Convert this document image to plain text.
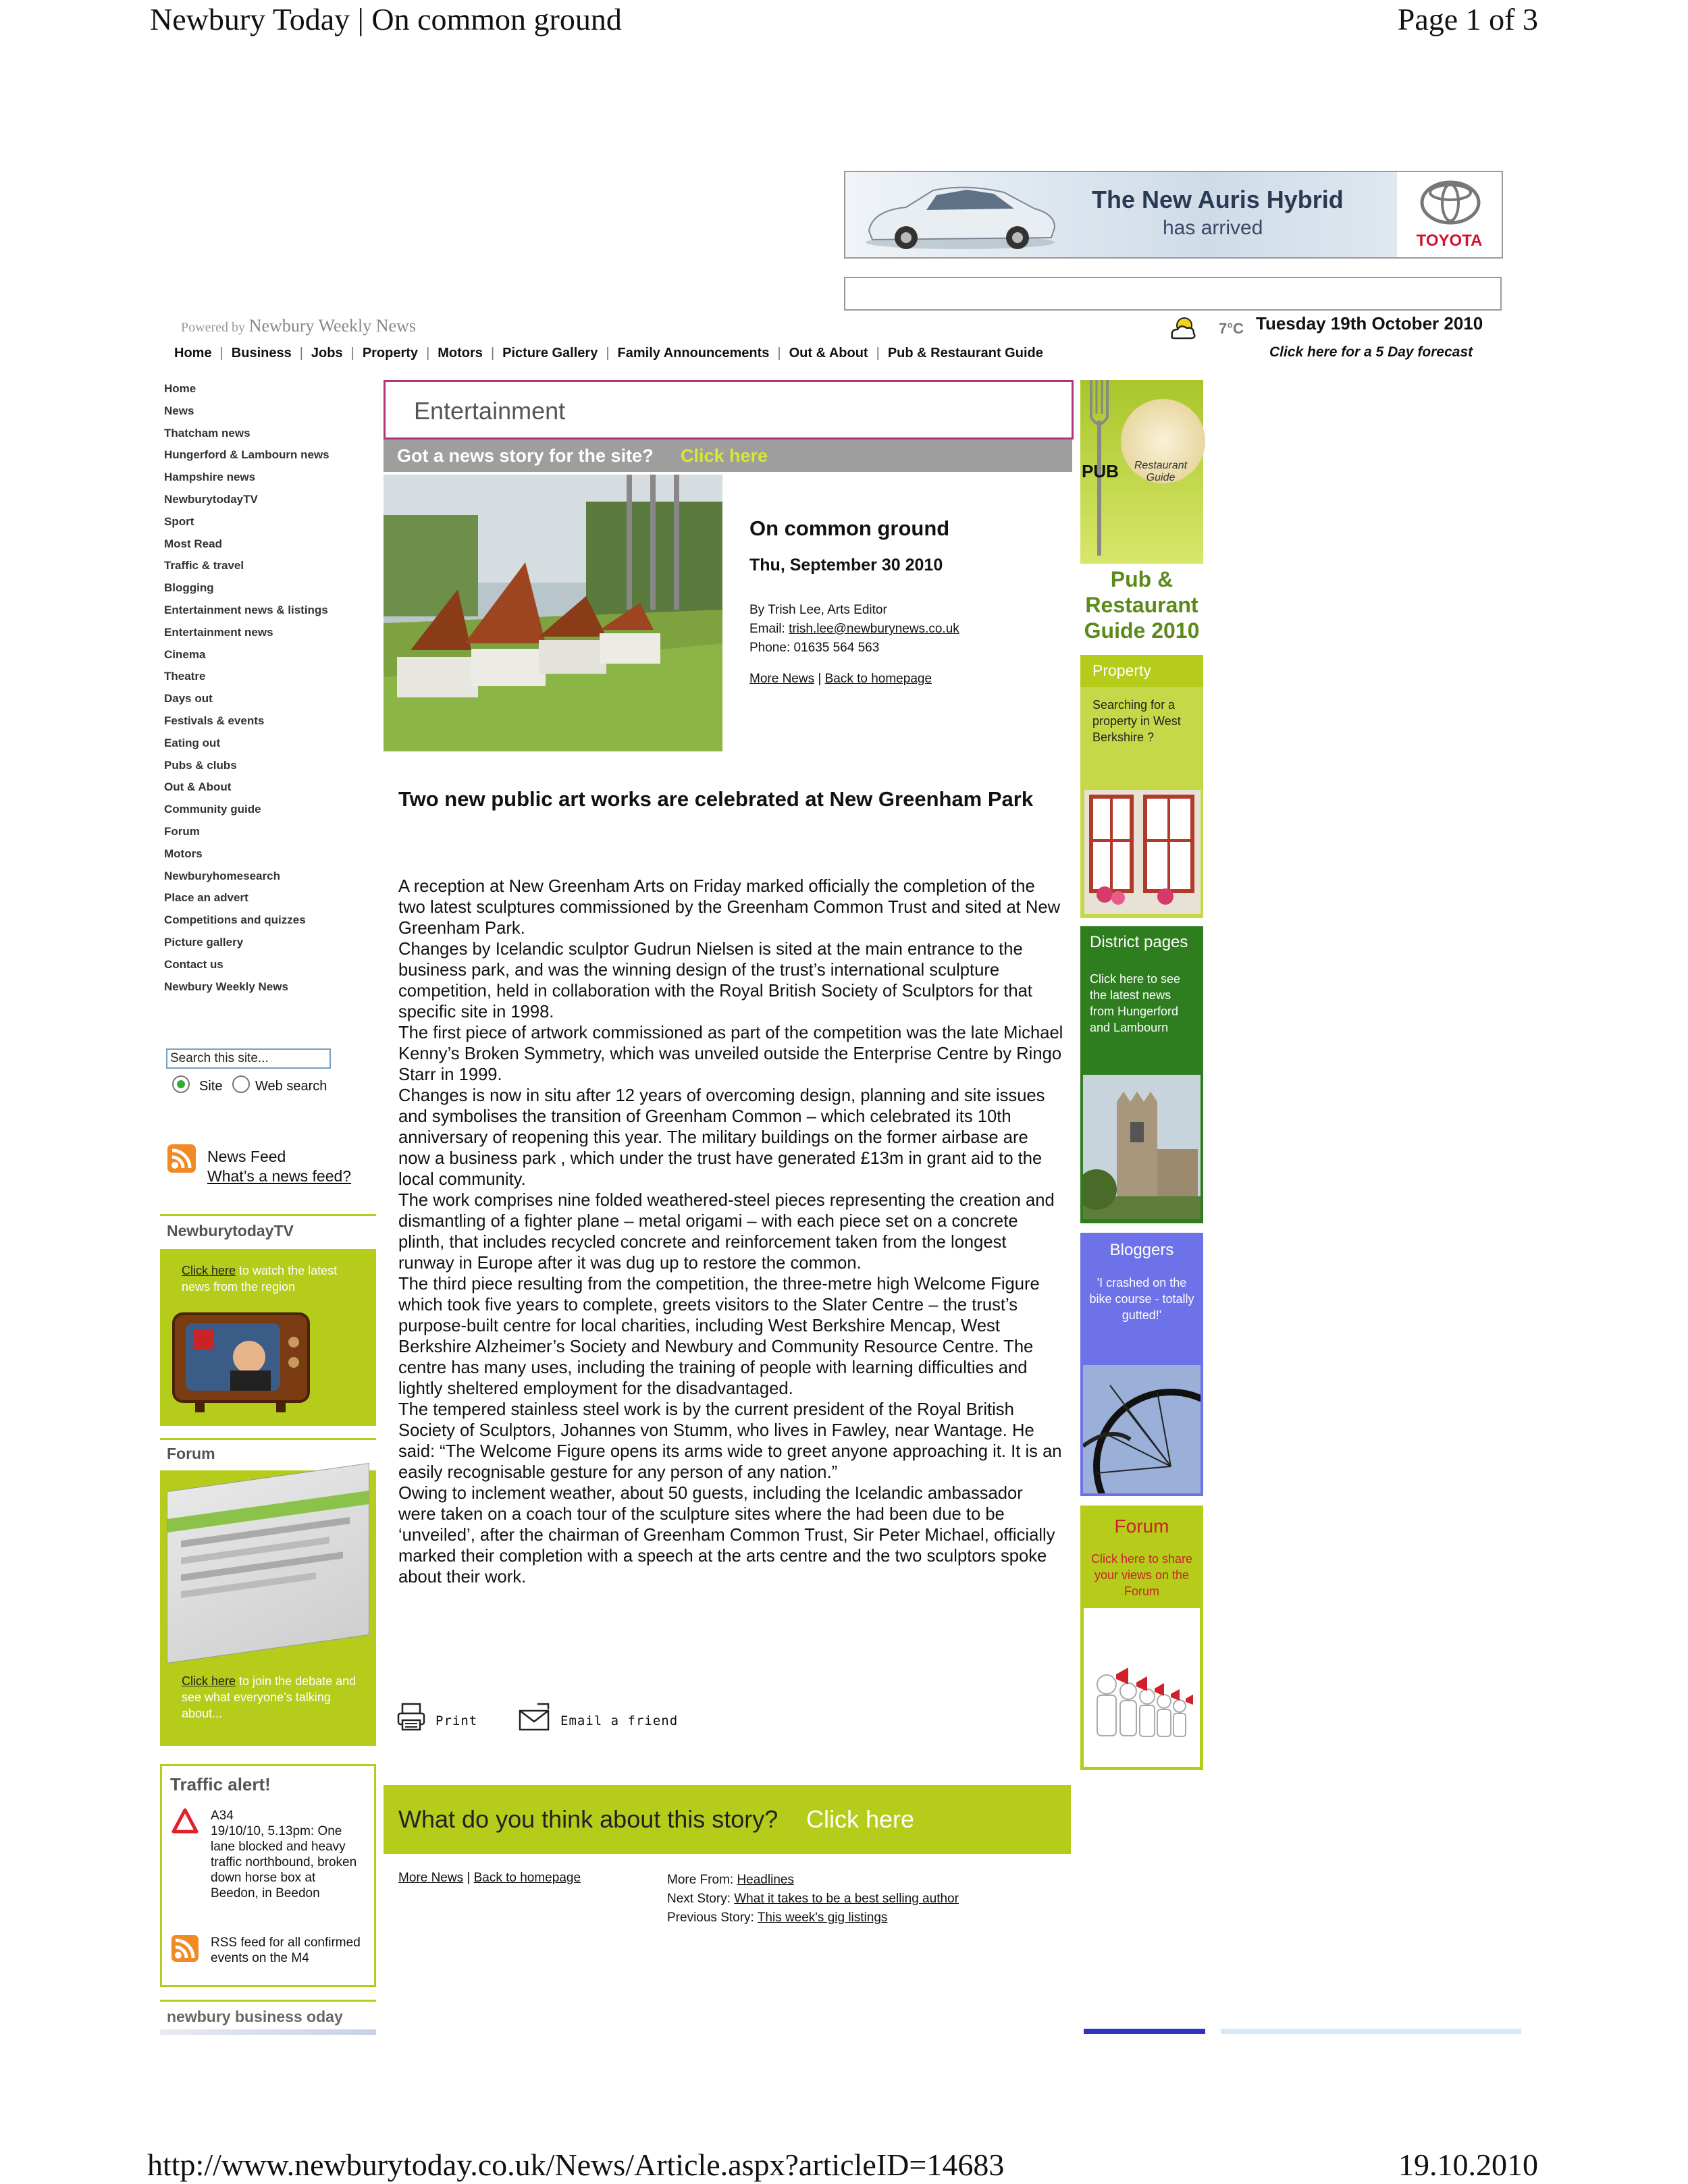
Newbury Today | On common ground	Page 1 of 3
http://www.newburytoday.co.uk/News/Article.aspx?articleID=14683	19.10.2010
The New Auris Hybrid
has arrived
TOYOTA
Powered by Newbury Weekly News	7°C Tuesday 19th October 2010
Click here for a 5 Day forecast
Home | Business | Jobs | Property | Motors | Picture Gallery | Family Announcements | Out & About | Pub & Restaurant Guide
Home
News
Thatcham news
Hungerford & Lambourn news
Hampshire news
NewburytodayTV
Sport
Most Read
Traffic & travel
Blogging
Entertainment news & listings
Entertainment news
Cinema
Theatre
Days out
Festivals & events
Eating out
Pubs & clubs
Out & About
Community guide
Forum
Motors
Newburyhomesearch
Place an advert
Competitions and quizzes
Picture gallery
Contact us
Newbury Weekly News
Search this site...
Site Web search
News Feed
What’s a news feed?
NewburytodayTV
Click here to watch the latest news from the region
Forum
Click here to join the debate and see what everyone’s talking about...
Traffic alert!
A34
19/10/10, 5.13pm: One lane blocked and heavy traffic northbound, broken down horse box at Beedon, in Beedon
RSS feed for all confirmed events on the M4
newbury business oday
Entertainment
Got a news story for the site? Click here
On common ground
Thu, September 30 2010
By Trish Lee, Arts Editor
Email: trish.lee@newburynews.co.uk
Phone: 01635 564 563
More News | Back to homepage
Two new public art works are celebrated at New Greenham Park

A reception at New Greenham Arts on Friday marked officially the completion of the two latest sculptures commissioned by the Greenham Common Trust and sited at New Greenham Park.

Changes by Icelandic sculptor Gudrun Nielsen is sited at the main entrance to the business park, and was the winning design of the trust’s international sculpture competition, held in collaboration with the Royal British Society of Sculptors for that specific site in 1998.

The first piece of artwork commissioned as part of the competition was the late Michael Kenny’s Broken Symmetry, which was unveiled outside the Enterprise Centre by Ringo Starr in 1999.

Changes is now in situ after 12 years of overcoming design, planning and site issues and symbolises the transition of Greenham Common – which celebrated its 10th anniversary of reopening this year. The military buildings on the former airbase are now a business park , which under the trust have generated £13m in grant aid to the local community.

The work comprises nine folded weathered-steel pieces representing the creation and dismantling of a fighter plane – metal origami – with each piece set on a concrete plinth, that includes recycled concrete and reinforcement taken from the longest runway in Europe after it was dug up to restore the common.

The third piece resulting from the competition, the three-metre high Welcome Figure which took five years to complete, greets visitors to the Slater Centre – the trust’s purpose-built centre for local charities, including West Berkshire Mencap, West Berkshire Alzheimer’s Society and Newbury and Community Resource Centre. The centre has many uses, including the training of people with learning difficulties and lightly sheltered employment for the disadvantaged.

The tempered stainless steel work is by the current president of the Royal British Society of Sculptors, Johannes von Stumm, who lives in Fawley, near Wantage. He said: “The Welcome Figure opens its arms wide to greet anyone approaching it. It is an easily recognisable gesture for any person of any nation.”

Owing to inclement weather, about 50 guests, including the Icelandic ambassador were taken on a coach tour of the sculpture sites where the had been due to be ‘unveiled’, after the chairman of Greenham Common Trust, Sir Peter Michael, officially marked their completion with a speech at the arts centre and the two sculptors spoke about their work.

Print	Email a friend
What do you think about this story? Click here
More News | Back to homepage	More From: Headlines
Next Story: What it takes to be a best selling author
Previous Story: This week's gig listings
PUB	Restaurant Guide
Pub & Restaurant Guide 2010
Property
Searching for a property in West Berkshire ?
District pages
Click here to see the latest news from Hungerford and Lambourn
Bloggers
'I crashed on the bike course - totally gutted!'
Forum
Click here to share your views on the Forum
